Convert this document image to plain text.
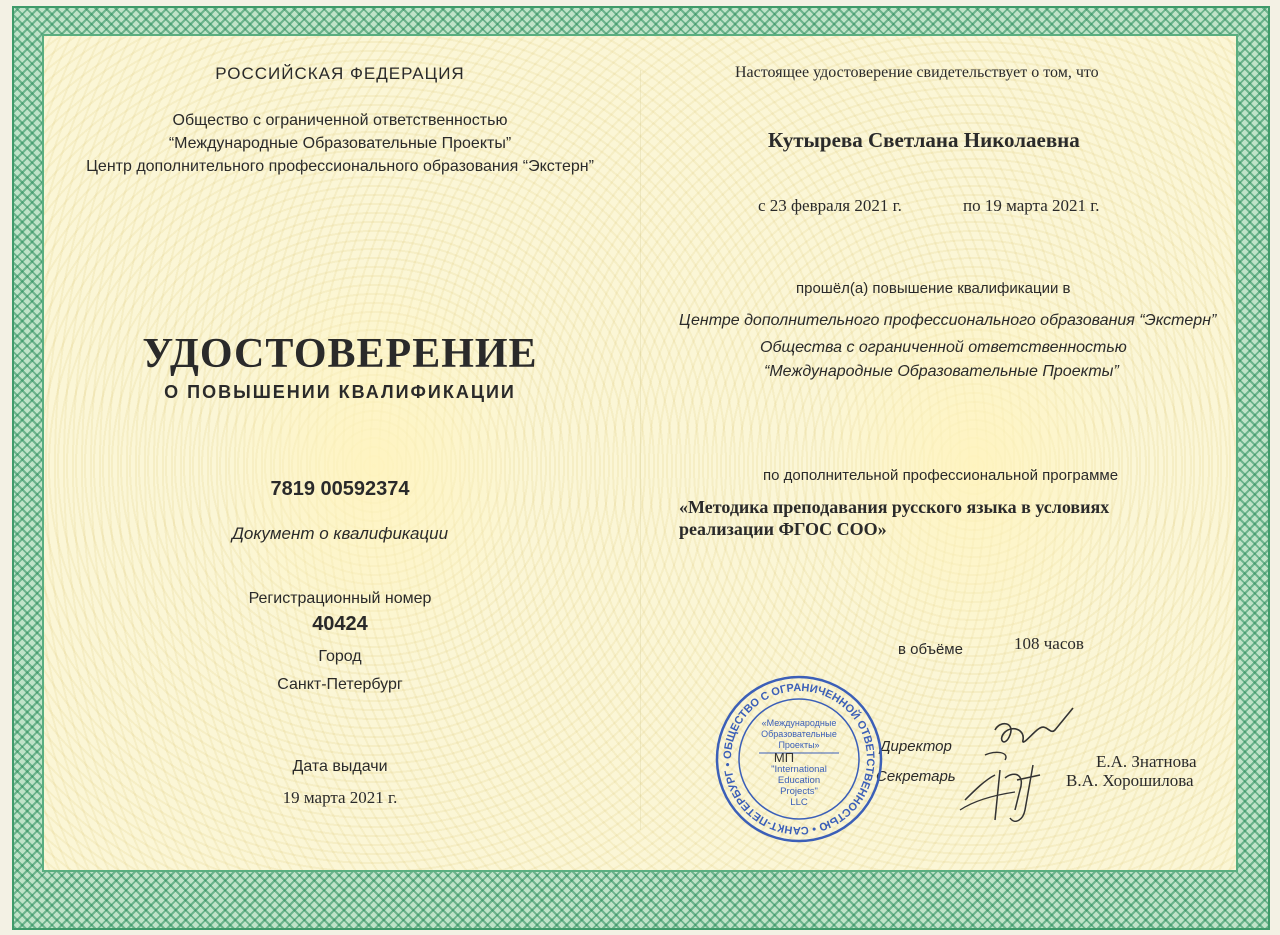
РОССИЙСКАЯ ФЕДЕРАЦИЯ
Общество с ограниченной ответственностью
“Международные Образовательные Проекты”
Центр дополнительного профессионального образования “Экстерн”
УДОСТОВЕРЕНИЕ
О ПОВЫШЕНИИ КВАЛИФИКАЦИИ
7819 00592374
Документ о квалификации
Регистрационный номер
40424
Город
Санкт-Петербург
Дата выдачи
19 марта 2021 г.
Настоящее удостоверение свидетельствует о том, что
Кутырева Светлана Николаевна
с 23 февраля 2021 г.	по 19 марта 2021 г.
прошёл(а) повышение квалификации в
Центре дополнительного профессионального образования “Экстерн”
Общества с ограниченной ответственностью
“Международные Образовательные Проекты”
по дополнительной профессиональной программе
«Методика преподавания русского языка в условиях
реализации ФГОС СОО»
в объёме	108 часов
Директор
Секретарь
Е.А. Знатнова
В.А. Хорошилова
ОБЩЕСТВО С ОГРАНИЧЕННОЙ ОТВЕТСТВЕННОСТЬЮ • САНКТ-ПЕТЕРБУРГ •
«Международные
Образовательные
Проекты»
МП
"International
Education
Projects"
LLC
